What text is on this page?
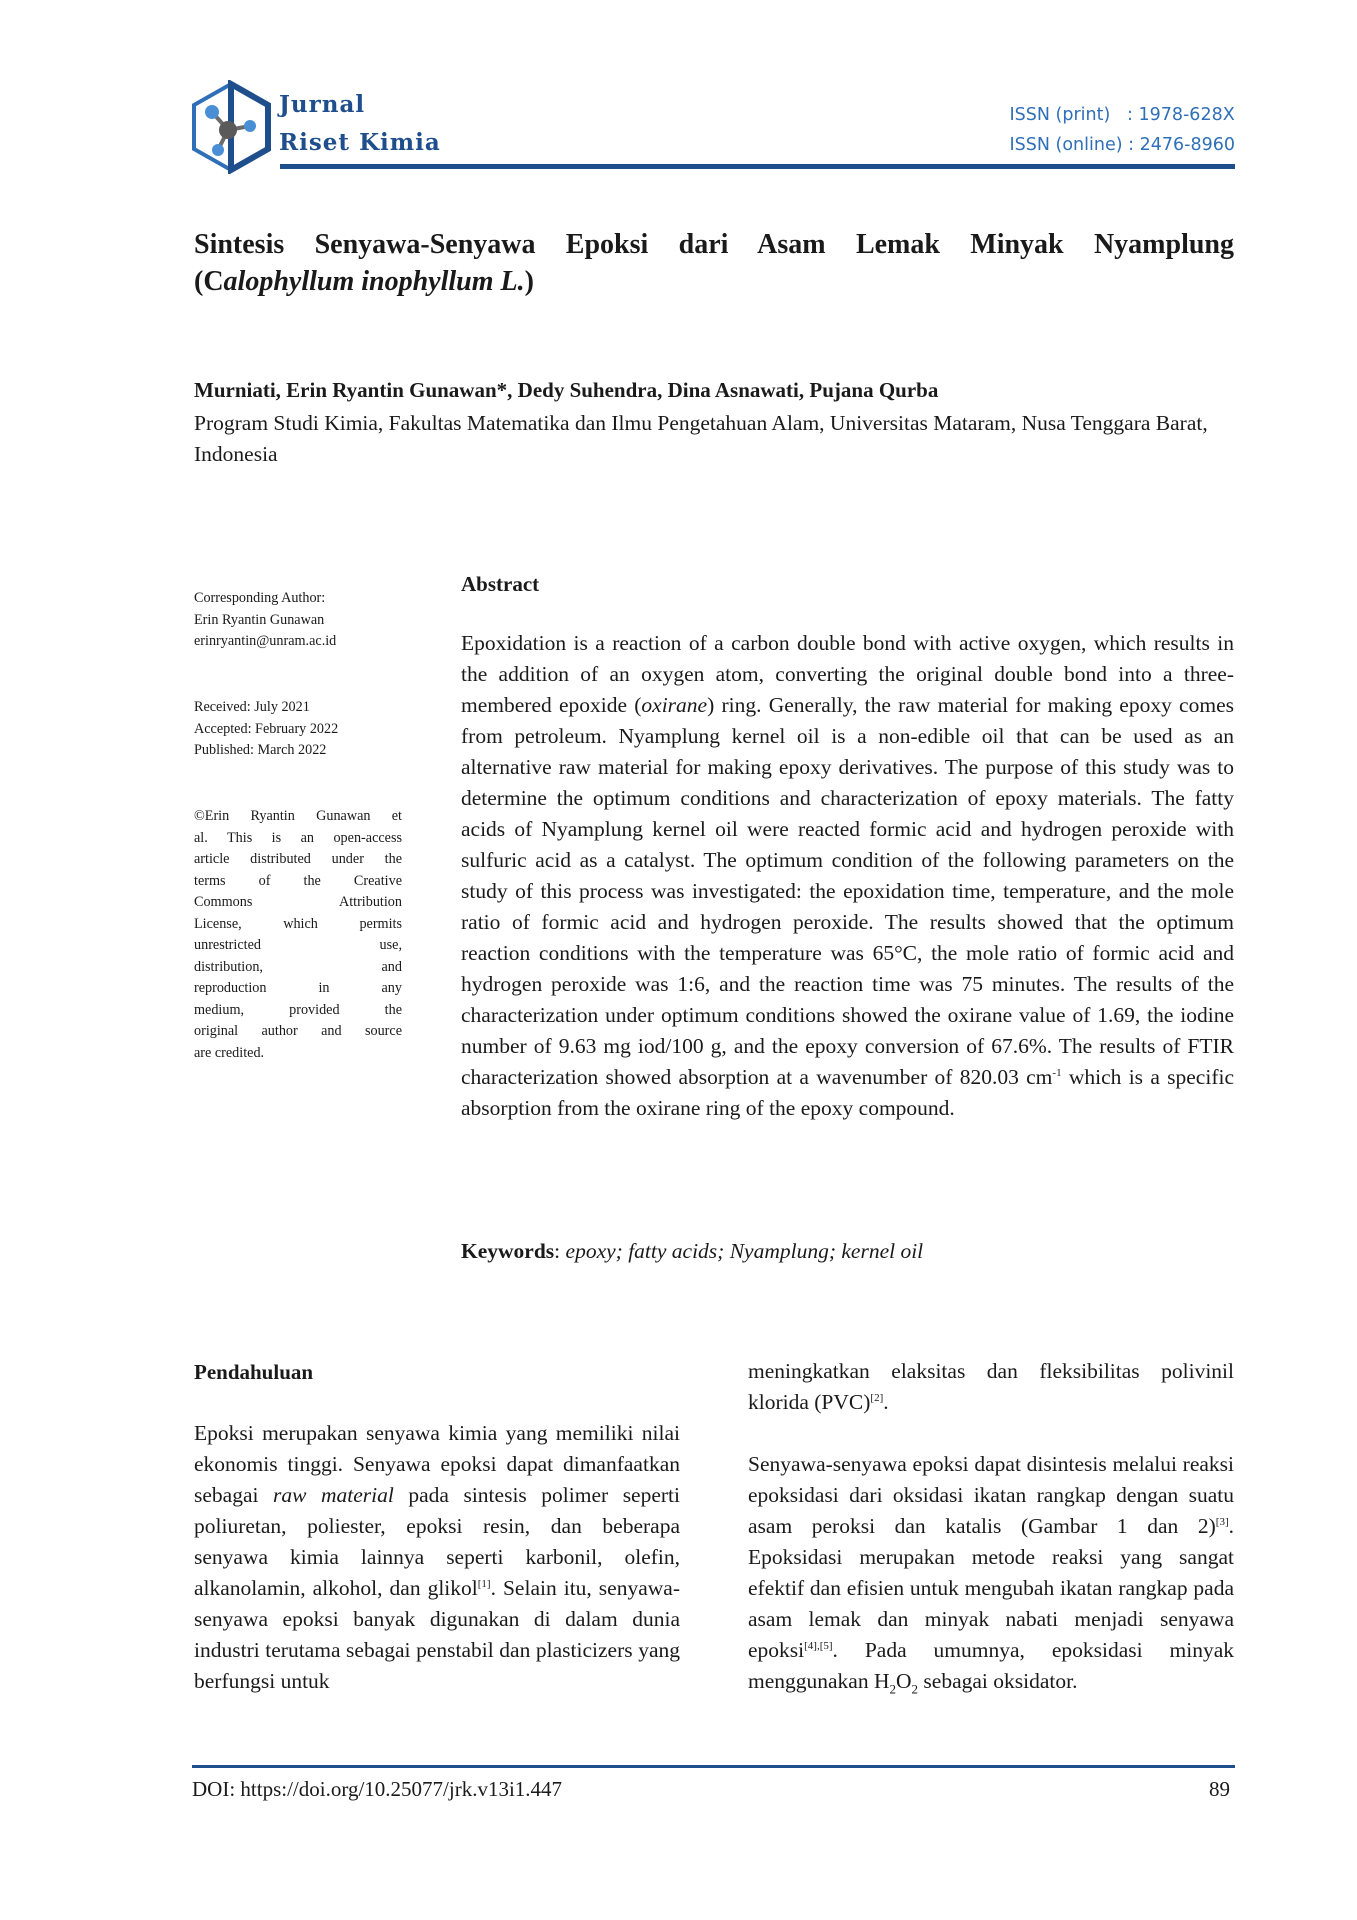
Jurnal
Riset Kimia
ISSN (print) : 1978-628X
ISSN (online) : 2476-8960
Sintesis Senyawa-Senyawa Epoksi dari Asam Lemak Minyak Nyamplung (Calophyllum inophyllum L.)
Murniati, Erin Ryantin Gunawan*, Dedy Suhendra, Dina Asnawati, Pujana Qurba
Program Studi Kimia, Fakultas Matematika dan Ilmu Pengetahuan Alam, Universitas Mataram, Nusa Tenggara Barat, Indonesia
Corresponding Author:
Erin Ryantin Gunawan
erinryantin@unram.ac.id
Received: July 2021
Accepted: February 2022
Published: March 2022
©Erin Ryantin Gunawan et
al. This is an open-access
article distributed under the
terms of the Creative
Commons Attribution
License, which permits
unrestricted use,
distribution, and
reproduction in any
medium, provided the
original author and source
are credited.
Abstract
Epoxidation is a reaction of a carbon double bond with active oxygen, which results in the addition of an oxygen atom, converting the original double bond into a three-membered epoxide (oxirane) ring. Generally, the raw material for making epoxy comes from petroleum. Nyamplung kernel oil is a non-edible oil that can be used as an alternative raw material for making epoxy derivatives. The purpose of this study was to determine the optimum conditions and characterization of epoxy materials. The fatty acids of Nyamplung kernel oil were reacted formic acid and hydrogen peroxide with sulfuric acid as a catalyst. The optimum condition of the following parameters on the study of this process was investigated: the epoxidation time, temperature, and the mole ratio of formic acid and hydrogen peroxide. The results showed that the optimum reaction conditions with the temperature was 65°C, the mole ratio of formic acid and hydrogen peroxide was 1:6, and the reaction time was 75 minutes. The results of the characterization under optimum conditions showed the oxirane value of 1.69, the iodine number of 9.63 mg iod/100 g, and the epoxy conversion of 67.6%. The results of FTIR characterization showed absorption at a wavenumber of 820.03 $cm^{-1}$ which is a specific absorption from the oxirane ring of the epoxy compound.
Keywords: epoxy; fatty acids; Nyamplung; kernel oil
Pendahuluan

Epoksi merupakan senyawa kimia yang memiliki nilai ekonomis tinggi. Senyawa epoksi dapat dimanfaatkan sebagai raw material pada sintesis polimer seperti poliuretan, poliester, epoksi resin, dan beberapa senyawa kimia lainnya seperti karbonil, olefin, alkanolamin, alkohol, dan glikol[1]. Selain itu, senyawa-senyawa epoksi banyak digunakan di dalam dunia industri terutama sebagai penstabil dan plasticizers yang berfungsi untuk

meningkatkan elaksitas dan fleksibilitas polivinil klorida (PVC)[2].

Senyawa-senyawa epoksi dapat disintesis melalui reaksi epoksidasi dari oksidasi ikatan rangkap dengan suatu asam peroksi dan katalis (Gambar 1 dan 2)[3]. Epoksidasi merupakan metode reaksi yang sangat efektif dan efisien untuk mengubah ikatan rangkap pada asam lemak dan minyak nabati menjadi senyawa epoksi[4],[5]. Pada umumnya, epoksidasi minyak menggunakan $H_2O_2$ sebagai oksidator.

DOI: https://doi.org/10.25077/jrk.v13i1.447	89
